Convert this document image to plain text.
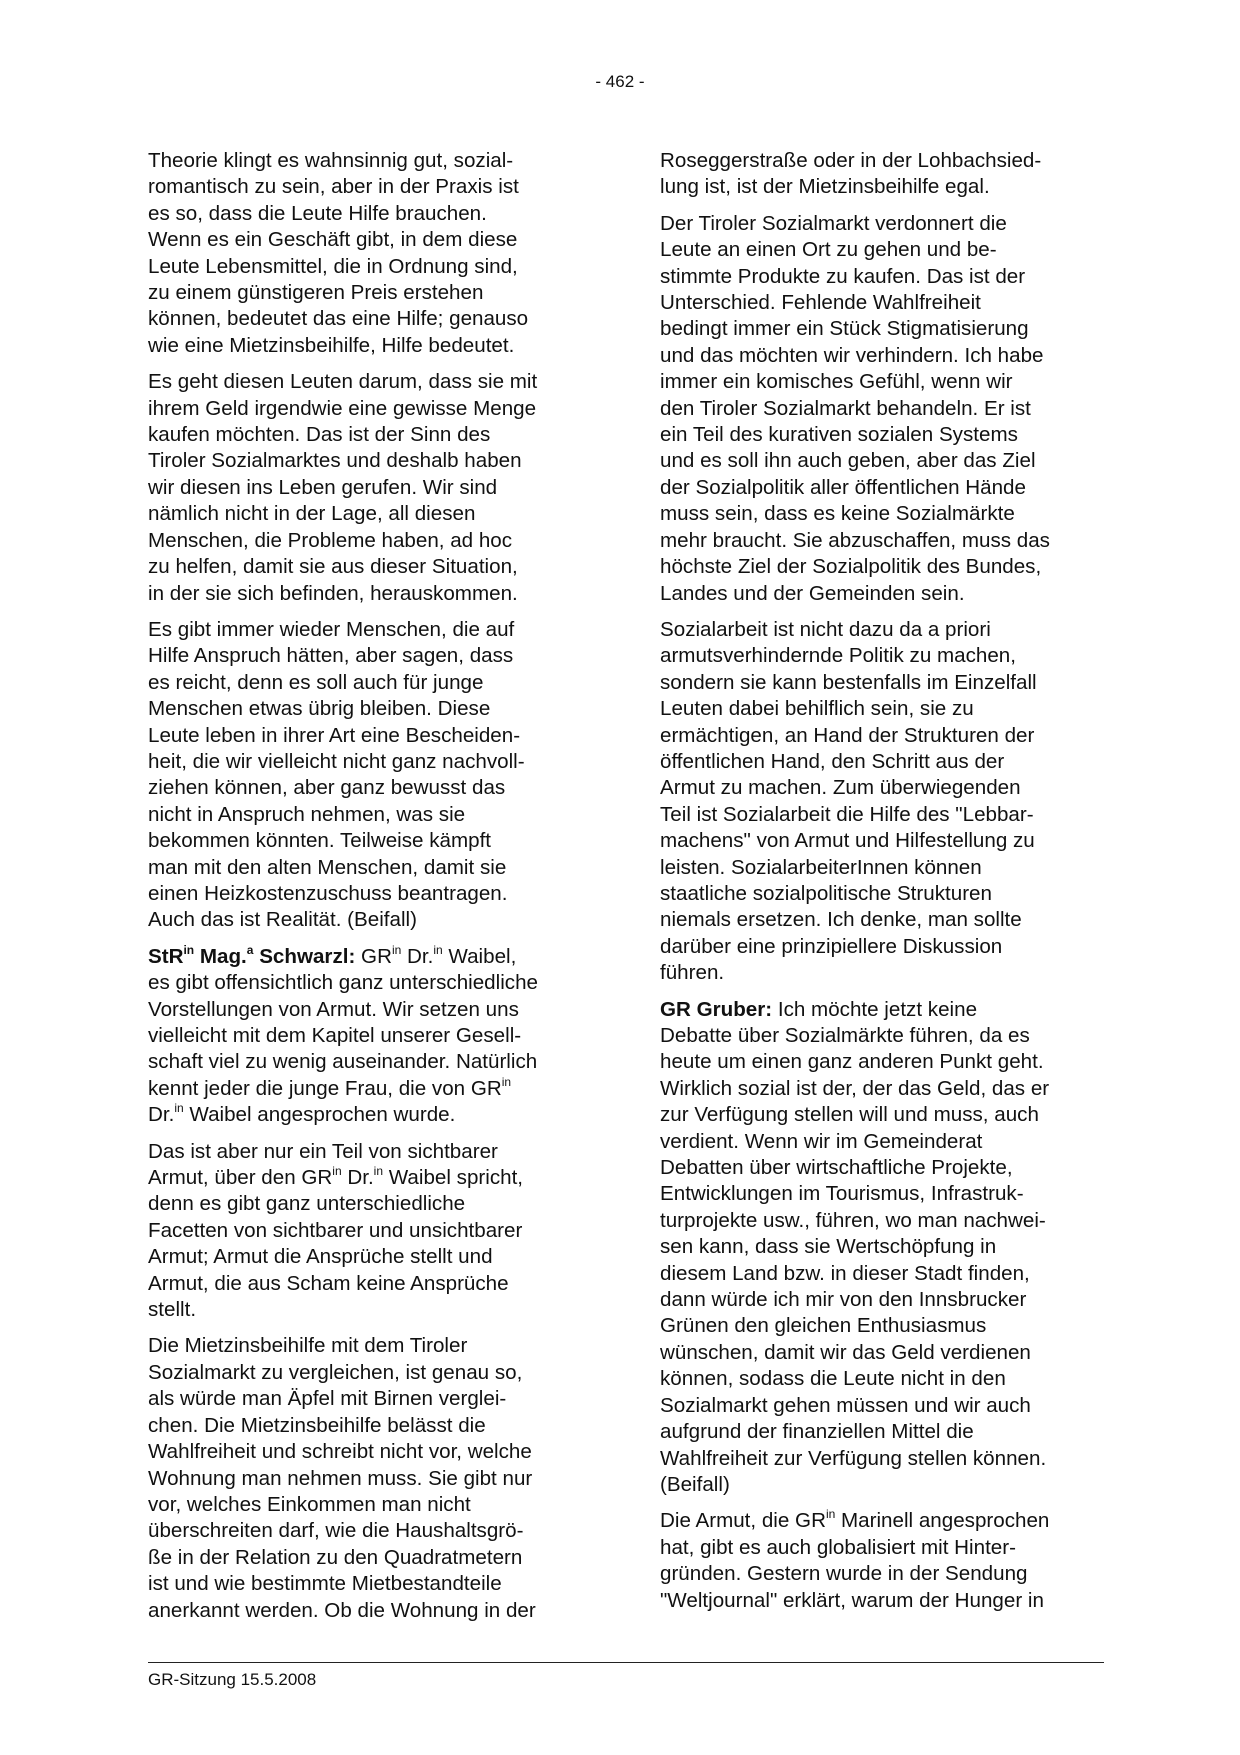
- 462 -

Theorie klingt es wahnsinnig gut, sozial-
romantisch zu sein, aber in der Praxis ist
es so, dass die Leute Hilfe brauchen.
Wenn es ein Geschäft gibt, in dem diese
Leute Lebensmittel, die in Ordnung sind,
zu einem günstigeren Preis erstehen
können, bedeutet das eine Hilfe; genauso
wie eine Mietzinsbeihilfe, Hilfe bedeutet.

Es geht diesen Leuten darum, dass sie mit
ihrem Geld irgendwie eine gewisse Menge
kaufen möchten. Das ist der Sinn des
Tiroler Sozialmarktes und deshalb haben
wir diesen ins Leben gerufen. Wir sind
nämlich nicht in der Lage, all diesen
Menschen, die Probleme haben, ad hoc
zu helfen, damit sie aus dieser Situation,
in der sie sich befinden, herauskommen.

Es gibt immer wieder Menschen, die auf
Hilfe Anspruch hätten, aber sagen, dass
es reicht, denn es soll auch für junge
Menschen etwas übrig bleiben. Diese
Leute leben in ihrer Art eine Bescheiden-
heit, die wir vielleicht nicht ganz nachvoll-
ziehen können, aber ganz bewusst das
nicht in Anspruch nehmen, was sie
bekommen könnten. Teilweise kämpft
man mit den alten Menschen, damit sie
einen Heizkostenzuschuss beantragen.
Auch das ist Realität. (Beifall)

StR$^{in}$ Mag.$^a$ Schwarzl: $GR^{in}$ Dr.$^{in}$ Waibel,
es gibt offensichtlich ganz unterschiedliche
Vorstellungen von Armut. Wir setzen uns
vielleicht mit dem Kapitel unserer Gesell-
schaft viel zu wenig auseinander. Natürlich
kennt jeder die junge Frau, die von $GR^{in}$
Dr.$^{in}$ Waibel angesprochen wurde.

Das ist aber nur ein Teil von sichtbarer
Armut, über den $GR^{in}$ Dr.$^{in}$ Waibel spricht,
denn es gibt ganz unterschiedliche
Facetten von sichtbarer und unsichtbarer
Armut; Armut die Ansprüche stellt und
Armut, die aus Scham keine Ansprüche
stellt.

Die Mietzinsbeihilfe mit dem Tiroler
Sozialmarkt zu vergleichen, ist genau so,
als würde man Äpfel mit Birnen verglei-
chen. Die Mietzinsbeihilfe belässt die
Wahlfreiheit und schreibt nicht vor, welche
Wohnung man nehmen muss. Sie gibt nur
vor, welches Einkommen man nicht
überschreiten darf, wie die Haushaltsgrö-
ße in der Relation zu den Quadratmetern
ist und wie bestimmte Mietbestandteile
anerkannt werden. Ob die Wohnung in der

Roseggerstraße oder in der Lohbachsied-
lung ist, ist der Mietzinsbeihilfe egal.

Der Tiroler Sozialmarkt verdonnert die
Leute an einen Ort zu gehen und be-
stimmte Produkte zu kaufen. Das ist der
Unterschied. Fehlende Wahlfreiheit
bedingt immer ein Stück Stigmatisierung
und das möchten wir verhindern. Ich habe
immer ein komisches Gefühl, wenn wir
den Tiroler Sozialmarkt behandeln. Er ist
ein Teil des kurativen sozialen Systems
und es soll ihn auch geben, aber das Ziel
der Sozialpolitik aller öffentlichen Hände
muss sein, dass es keine Sozialmärkte
mehr braucht. Sie abzuschaffen, muss das
höchste Ziel der Sozialpolitik des Bundes,
Landes und der Gemeinden sein.

Sozialarbeit ist nicht dazu da a priori
armutsverhindernde Politik zu machen,
sondern sie kann bestenfalls im Einzelfall
Leuten dabei behilflich sein, sie zu
ermächtigen, an Hand der Strukturen der
öffentlichen Hand, den Schritt aus der
Armut zu machen. Zum überwiegenden
Teil ist Sozialarbeit die Hilfe des "Lebbar-
machens" von Armut und Hilfestellung zu
leisten. SozialarbeiterInnen können
staatliche sozialpolitische Strukturen
niemals ersetzen. Ich denke, man sollte
darüber eine prinzipiellere Diskussion
führen.

GR Gruber: Ich möchte jetzt keine
Debatte über Sozialmärkte führen, da es
heute um einen ganz anderen Punkt geht.
Wirklich sozial ist der, der das Geld, das er
zur Verfügung stellen will und muss, auch
verdient. Wenn wir im Gemeinderat
Debatten über wirtschaftliche Projekte,
Entwicklungen im Tourismus, Infrastruk-
turprojekte usw., führen, wo man nachwei-
sen kann, dass sie Wertschöpfung in
diesem Land bzw. in dieser Stadt finden,
dann würde ich mir von den Innsbrucker
Grünen den gleichen Enthusiasmus
wünschen, damit wir das Geld verdienen
können, sodass die Leute nicht in den
Sozialmarkt gehen müssen und wir auch
aufgrund der finanziellen Mittel die
Wahlfreiheit zur Verfügung stellen können.
(Beifall)

Die Armut, die $GR^{in}$ Marinell angesprochen
hat, gibt es auch globalisiert mit Hinter-
gründen. Gestern wurde in der Sendung
"Weltjournal" erklärt, warum der Hunger in

GR-Sitzung 15.5.2008
